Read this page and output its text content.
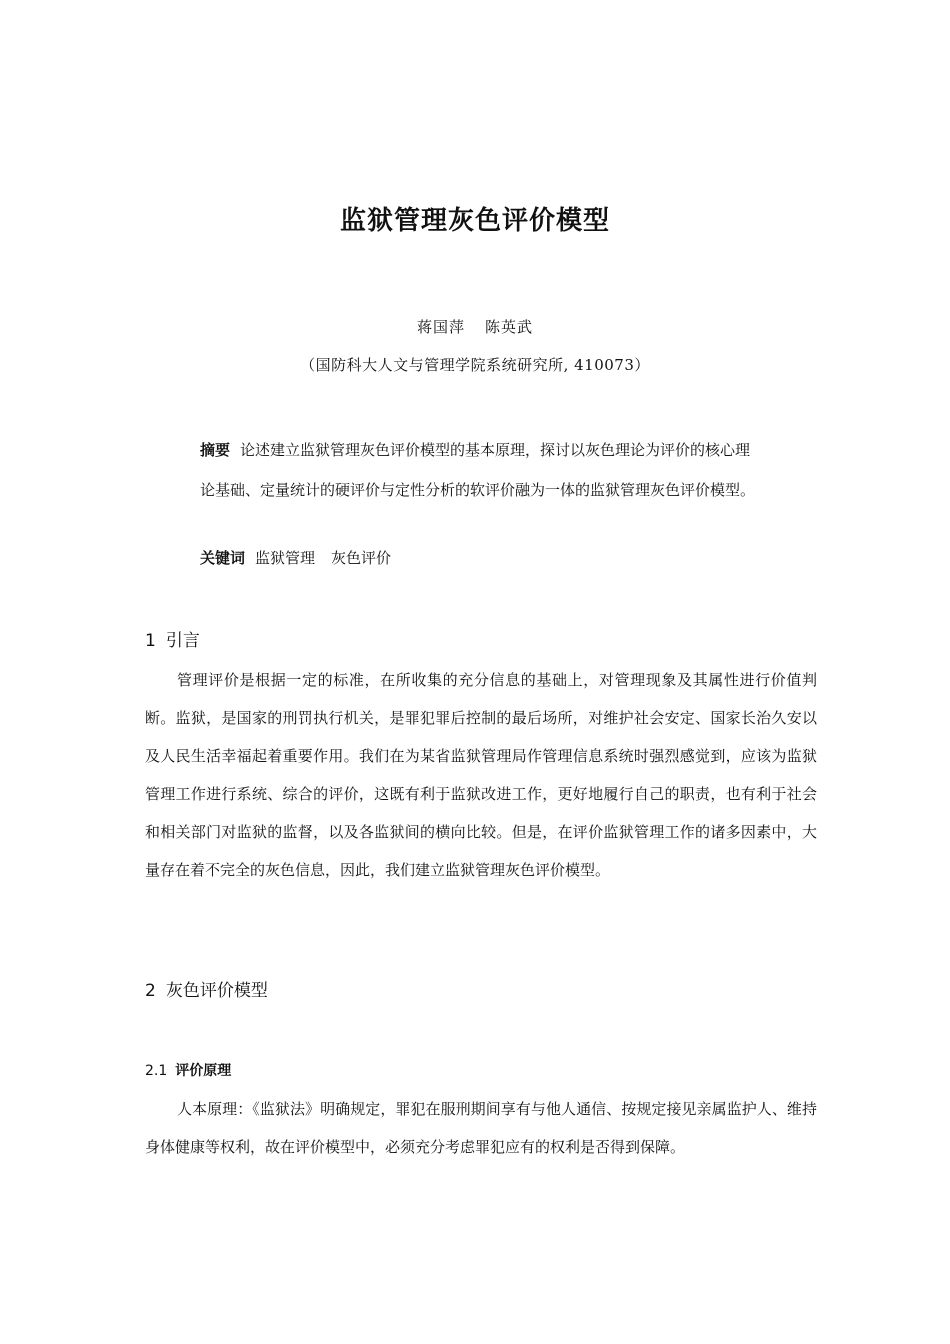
监狱管理灰色评价模型
蒋国萍 陈英武
（国防科大人文与管理学院系统研究所, 410073）
摘要 论述建立监狱管理灰色评价模型的基本原理，探讨以灰色理论为评价的核心理论基础、定量统计的硬评价与定性分析的软评价融为一体的监狱管理灰色评价模型。
关键词 监狱管理 灰色评价
1 引言

管理评价是根据一定的标准，在所收集的充分信息的基础上，对管理现象及其属性进行价值判断。监狱，是国家的刑罚执行机关，是罪犯罪后控制的最后场所，对维护社会安定、国家长治久安以及人民生活幸福起着重要作用。我们在为某省监狱管理局作管理信息系统时强烈感觉到，应该为监狱管理工作进行系统、综合的评价，这既有利于监狱改进工作，更好地履行自己的职责，也有利于社会和相关部门对监狱的监督，以及各监狱间的横向比较。但是，在评价监狱管理工作的诸多因素中，大量存在着不完全的灰色信息，因此，我们建立监狱管理灰色评价模型。

2 灰色评价模型
2.1 评价原理

人本原理：《监狱法》明确规定，罪犯在服刑期间享有与他人通信、按规定接见亲属监护人、维持身体健康等权利，故在评价模型中，必须充分考虑罪犯应有的权利是否得到保障。
